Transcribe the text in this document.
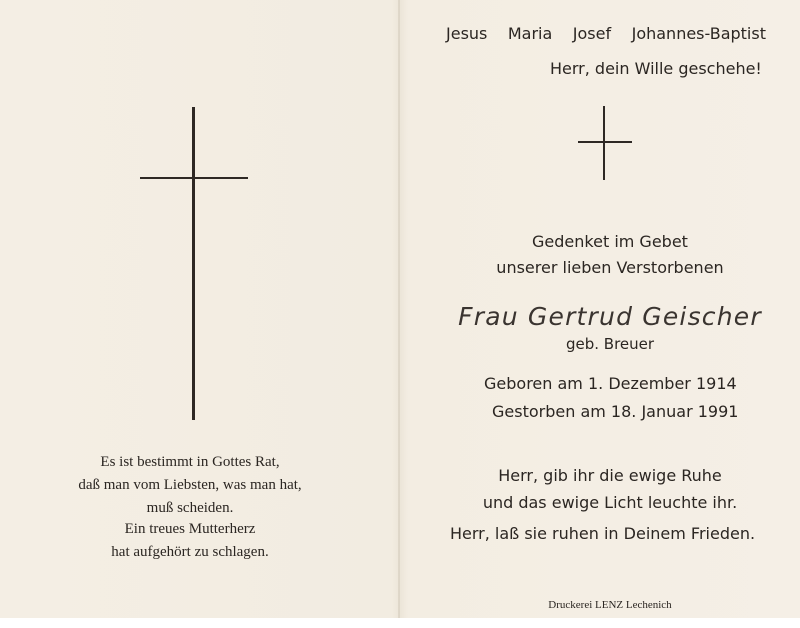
Es ist bestimmt in Gottes Rat,
daß man vom Liebsten, was man hat,
muß scheiden.
Ein treues Mutterherz
hat aufgehört zu schlagen.
Jesus Maria Josef Johannes-Baptist
Herr, dein Wille geschehe!
Gedenket im Gebet
unserer lieben Verstorbenen
Frau Gertrud Geischer
geb. Breuer
Geboren am 1. Dezember 1914
Gestorben am 18. Januar 1991
Herr, gib ihr die ewige Ruhe
und das ewige Licht leuchte ihr.
Herr, laß sie ruhen in Deinem Frieden.
Druckerei LENZ Lechenich
